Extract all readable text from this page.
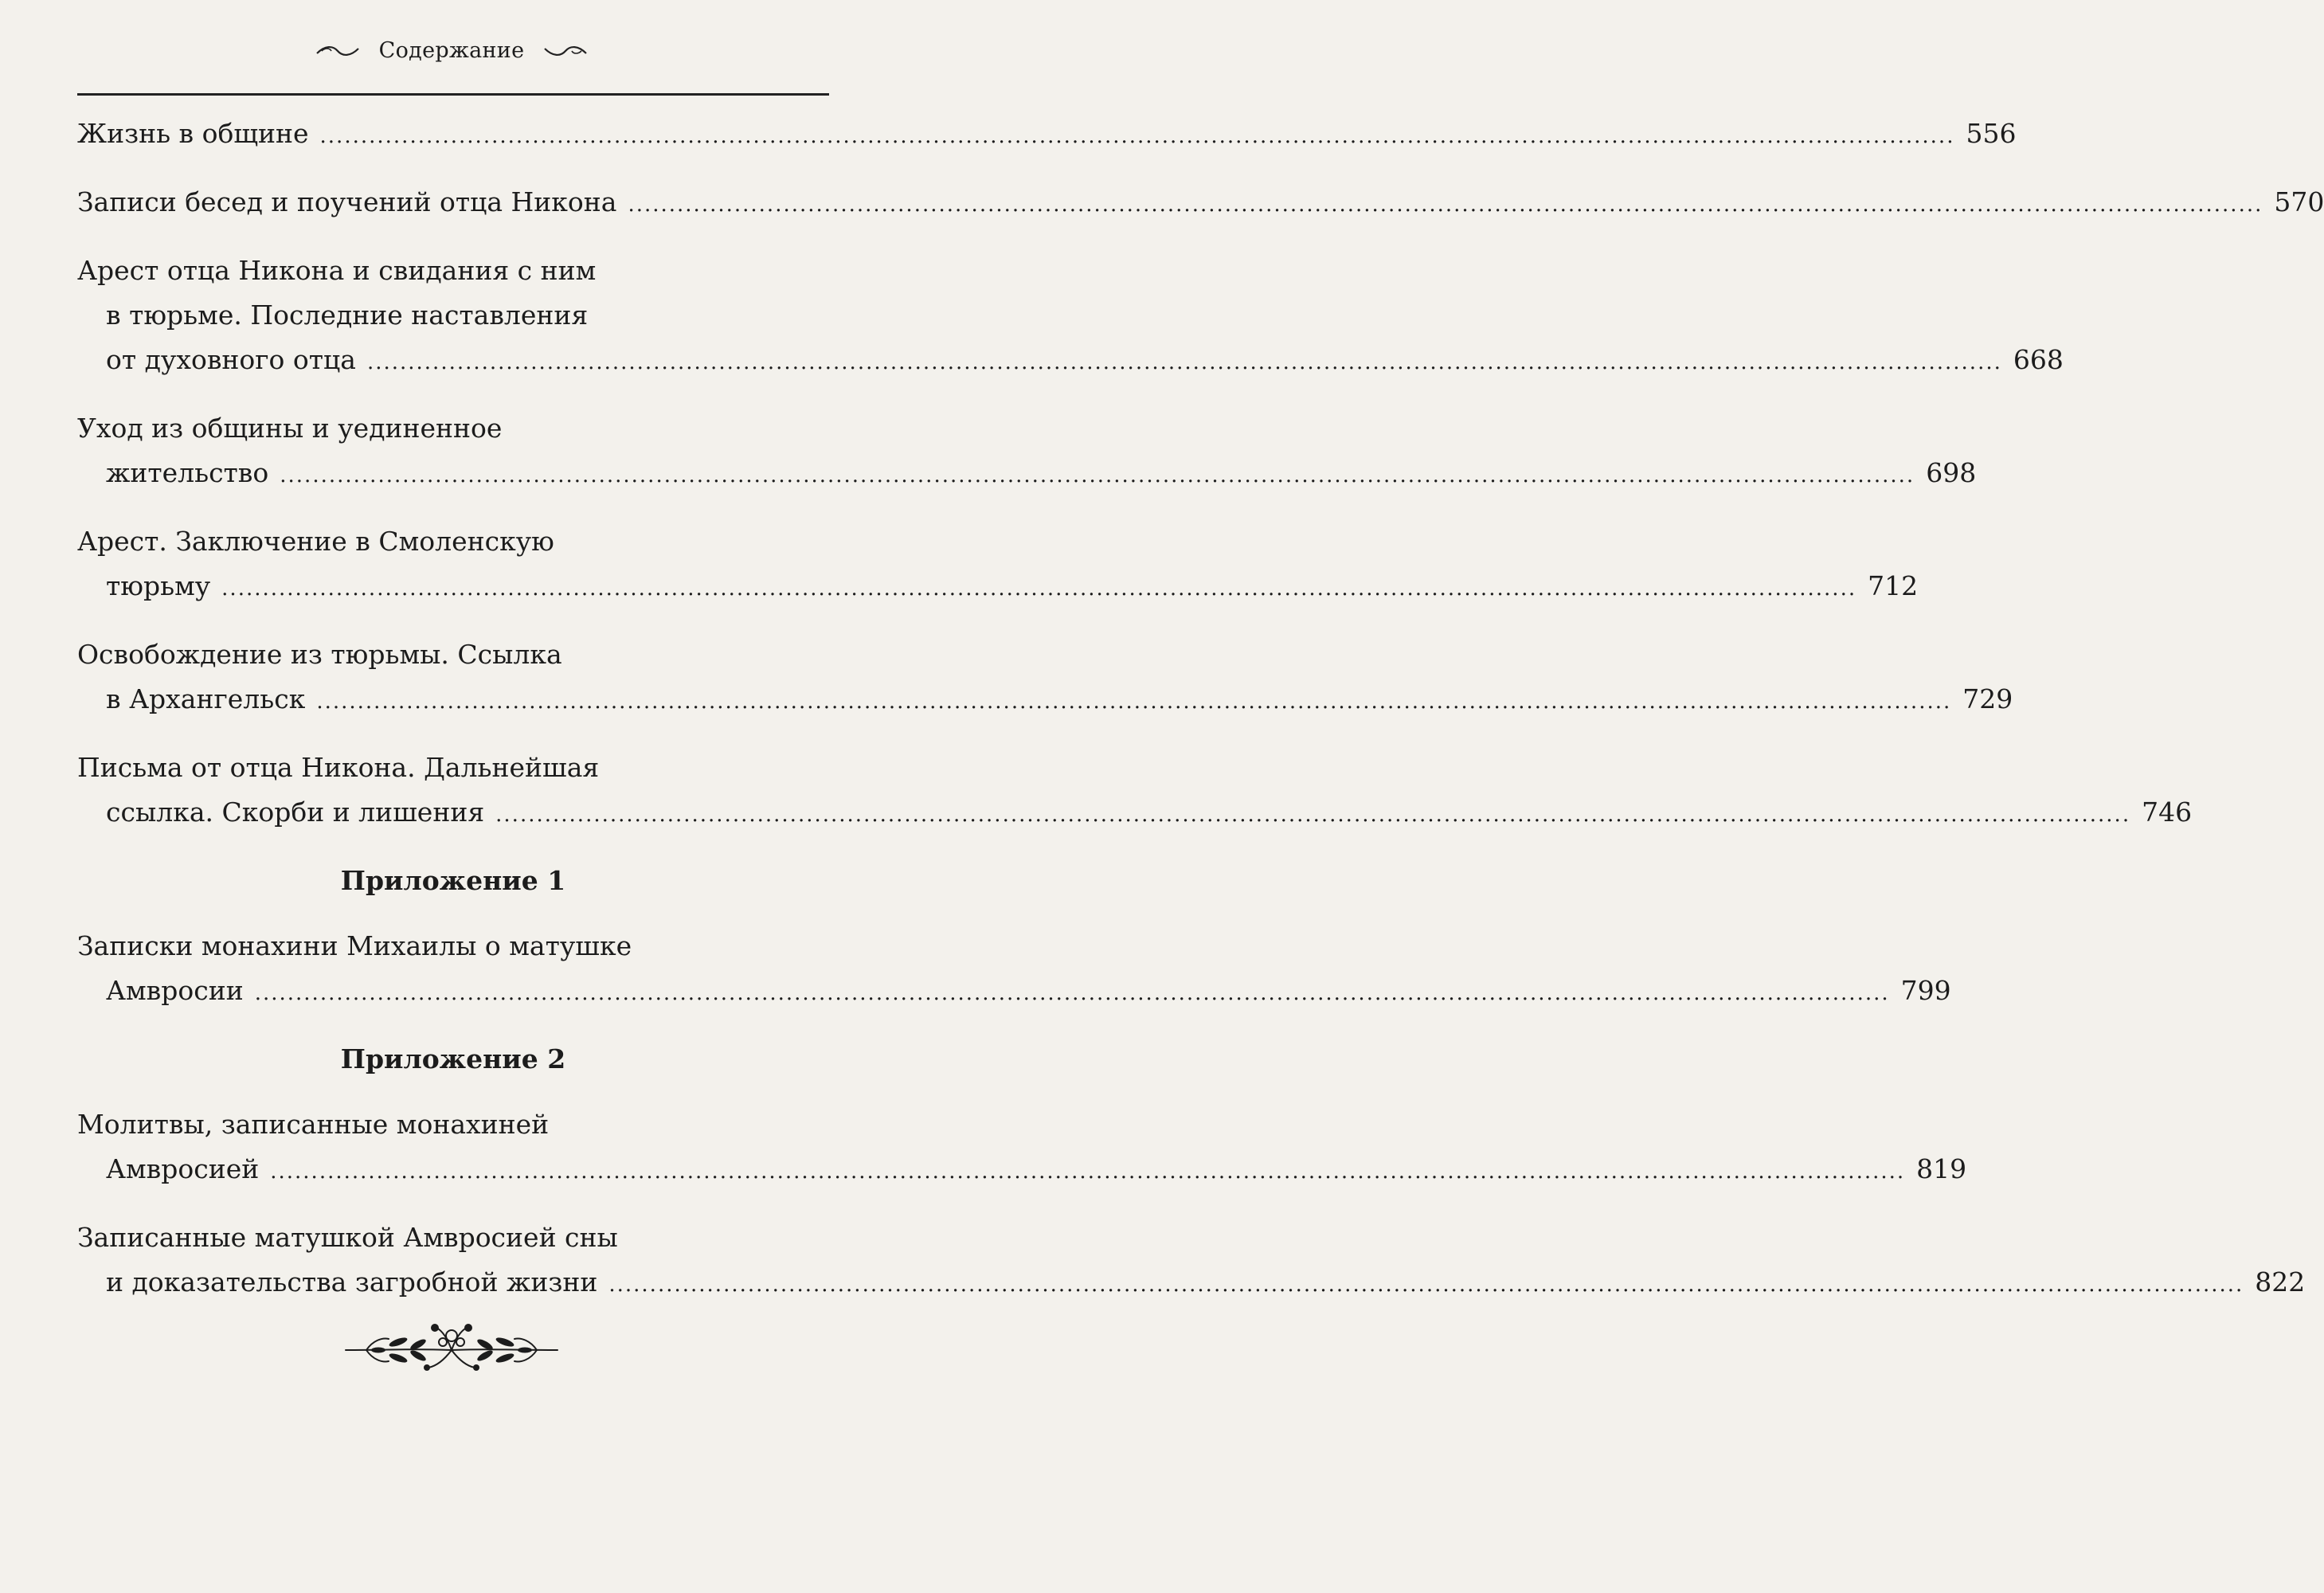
Содержание
Жизнь в общине ........................................................................................................................................................................................................ 556
Записи бесед и поучений отца Никона ........................................................................................................................................................................................................ 570
Арест отца Никона и свидания с ним
в тюрьме. Последние наставления
от духовного отца ........................................................................................................................................................................................................ 668
Уход из общины и уединенное
жительство ........................................................................................................................................................................................................ 698
Арест. Заключение в Смоленскую
тюрьму ........................................................................................................................................................................................................ 712
Освобождение из тюрьмы. Ссылка
в Архангельск ........................................................................................................................................................................................................ 729
Письма от отца Никона. Дальнейшая
ссылка. Скорби и лишения ........................................................................................................................................................................................................ 746
Приложение 1
Записки монахини Михаилы о матушке
Амвросии ........................................................................................................................................................................................................ 799
Приложение 2
Молитвы, записанные монахиней
Амвросией ........................................................................................................................................................................................................ 819
Записанные матушкой Амвросией сны
и доказательства загробной жизни ........................................................................................................................................................................................................ 822
